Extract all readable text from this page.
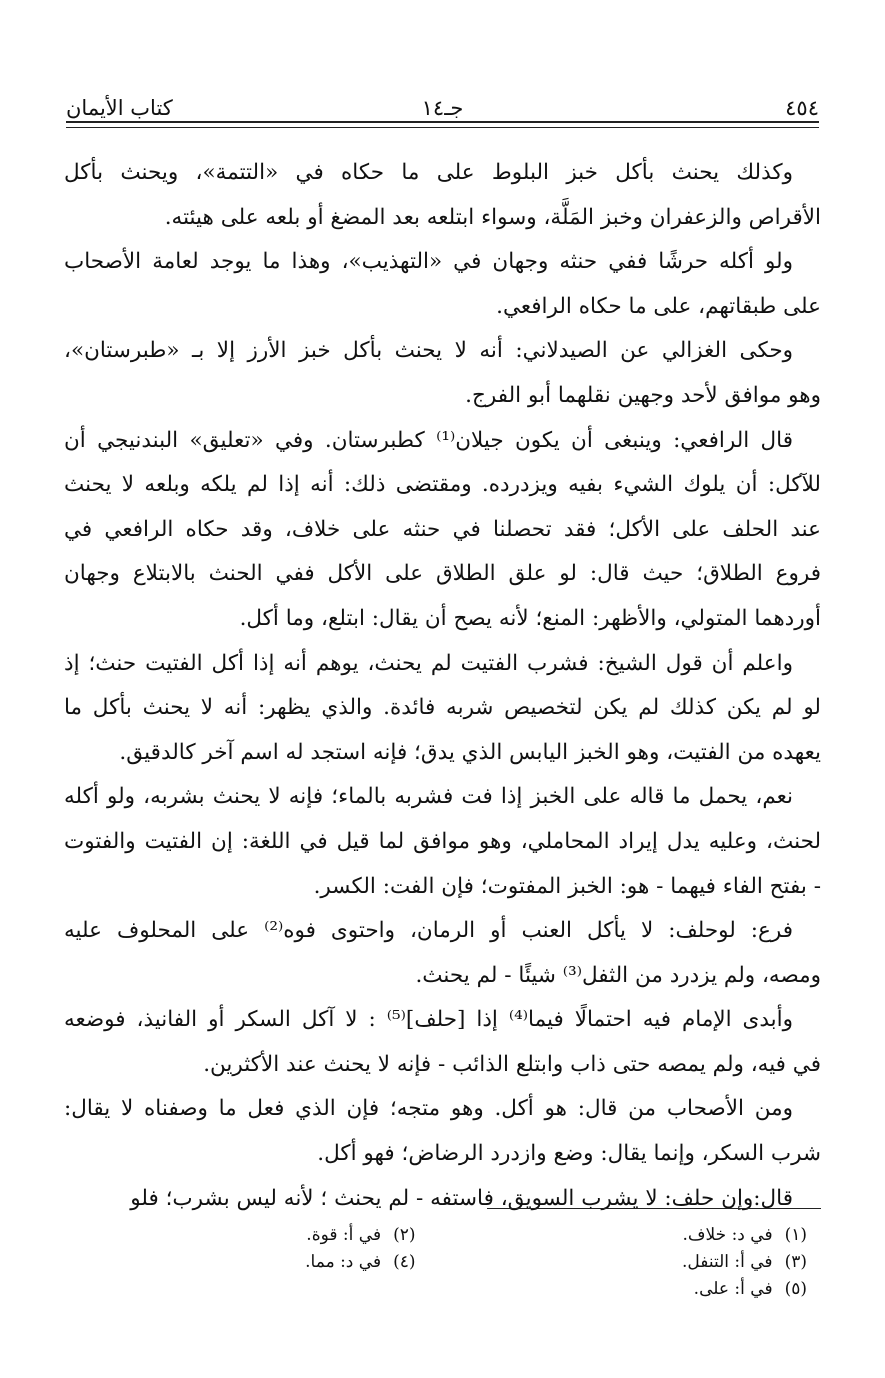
٤٥٤
جـ١٤
كتاب الأيمان
وكذلك يحنث بأكل خبز البلوط على ما حكاه في «التتمة»، ويحنث بأكل
الأقراص والزعفران وخبز المَلَّة، وسواء ابتلعه بعد المضغ أو بلعه على هيئته.
ولو أكله حرشًا ففي حنثه وجهان في «التهذيب»، وهذا ما يوجد لعامة الأصحاب
على طبقاتهم، على ما حكاه الرافعي.
وحكى الغزالي عن الصيدلاني: أنه لا يحنث بأكل خبز الأرز إلا بـ «طبرستان»،
وهو موافق لأحد وجهين نقلهما أبو الفرج.
قال الرافعي: وينبغى أن يكون جيلان⁽¹⁾ كطبرستان. وفي «تعليق» البندنيجي أن
للآكل: أن يلوك الشيء بفيه ويزدرده. ومقتضى ذلك: أنه إذا لم يلكه وبلعه لا يحنث
عند الحلف على الأكل؛ فقد تحصلنا في حنثه على خلاف، وقد حكاه الرافعي في
فروع الطلاق؛ حيث قال: لو علق الطلاق على الأكل ففي الحنث بالابتلاع وجهان
أوردهما المتولي، والأظهر: المنع؛ لأنه يصح أن يقال: ابتلع، وما أكل.
واعلم أن قول الشيخ: فشرب الفتيت لم يحنث، يوهم أنه إذا أكل الفتيت حنث؛ إذ
لو لم يكن كذلك لم يكن لتخصيص شربه فائدة. والذي يظهر: أنه لا يحنث بأكل ما
يعهده من الفتيت، وهو الخبز اليابس الذي يدق؛ فإنه استجد له اسم آخر كالدقيق.
نعم، يحمل ما قاله على الخبز إذا فت فشربه بالماء؛ فإنه لا يحنث بشربه، ولو أكله
لحنث، وعليه يدل إيراد المحاملي، وهو موافق لما قيل في اللغة: إن الفتيت والفتوت
- بفتح الفاء فيهما - هو: الخبز المفتوت؛ فإن الفت: الكسر.
فرع: لوحلف: لا يأكل العنب أو الرمان، واحتوى فوه⁽²⁾ على المحلوف عليه
ومصه، ولم يزدرد من الثفل⁽³⁾ شيئًا - لم يحنث.
وأبدى الإمام فيه احتمالًا فيما⁽⁴⁾ إذا [حلف]⁽⁵⁾ : لا آكل السكر أو الفانيذ، فوضعه
في فيه، ولم يمصه حتى ذاب وابتلع الذائب - فإنه لا يحنث عند الأكثرين.
ومن الأصحاب من قال: هو أكل. وهو متجه؛ فإن الذي فعل ما وصفناه لا يقال:
شرب السكر، وإنما يقال: وضع وازدرد الرضاض؛ فهو أكل.
قال:وإن حلف: لا يشرب السويق، فاستفه - لم يحنث ؛ لأنه ليس بشرب؛ فلو
(١)في د: خلاف.
(٢)في أ: قوة.
(٣)في أ: التنفل.
(٤)في د: مما.
(٥)في أ: على.
